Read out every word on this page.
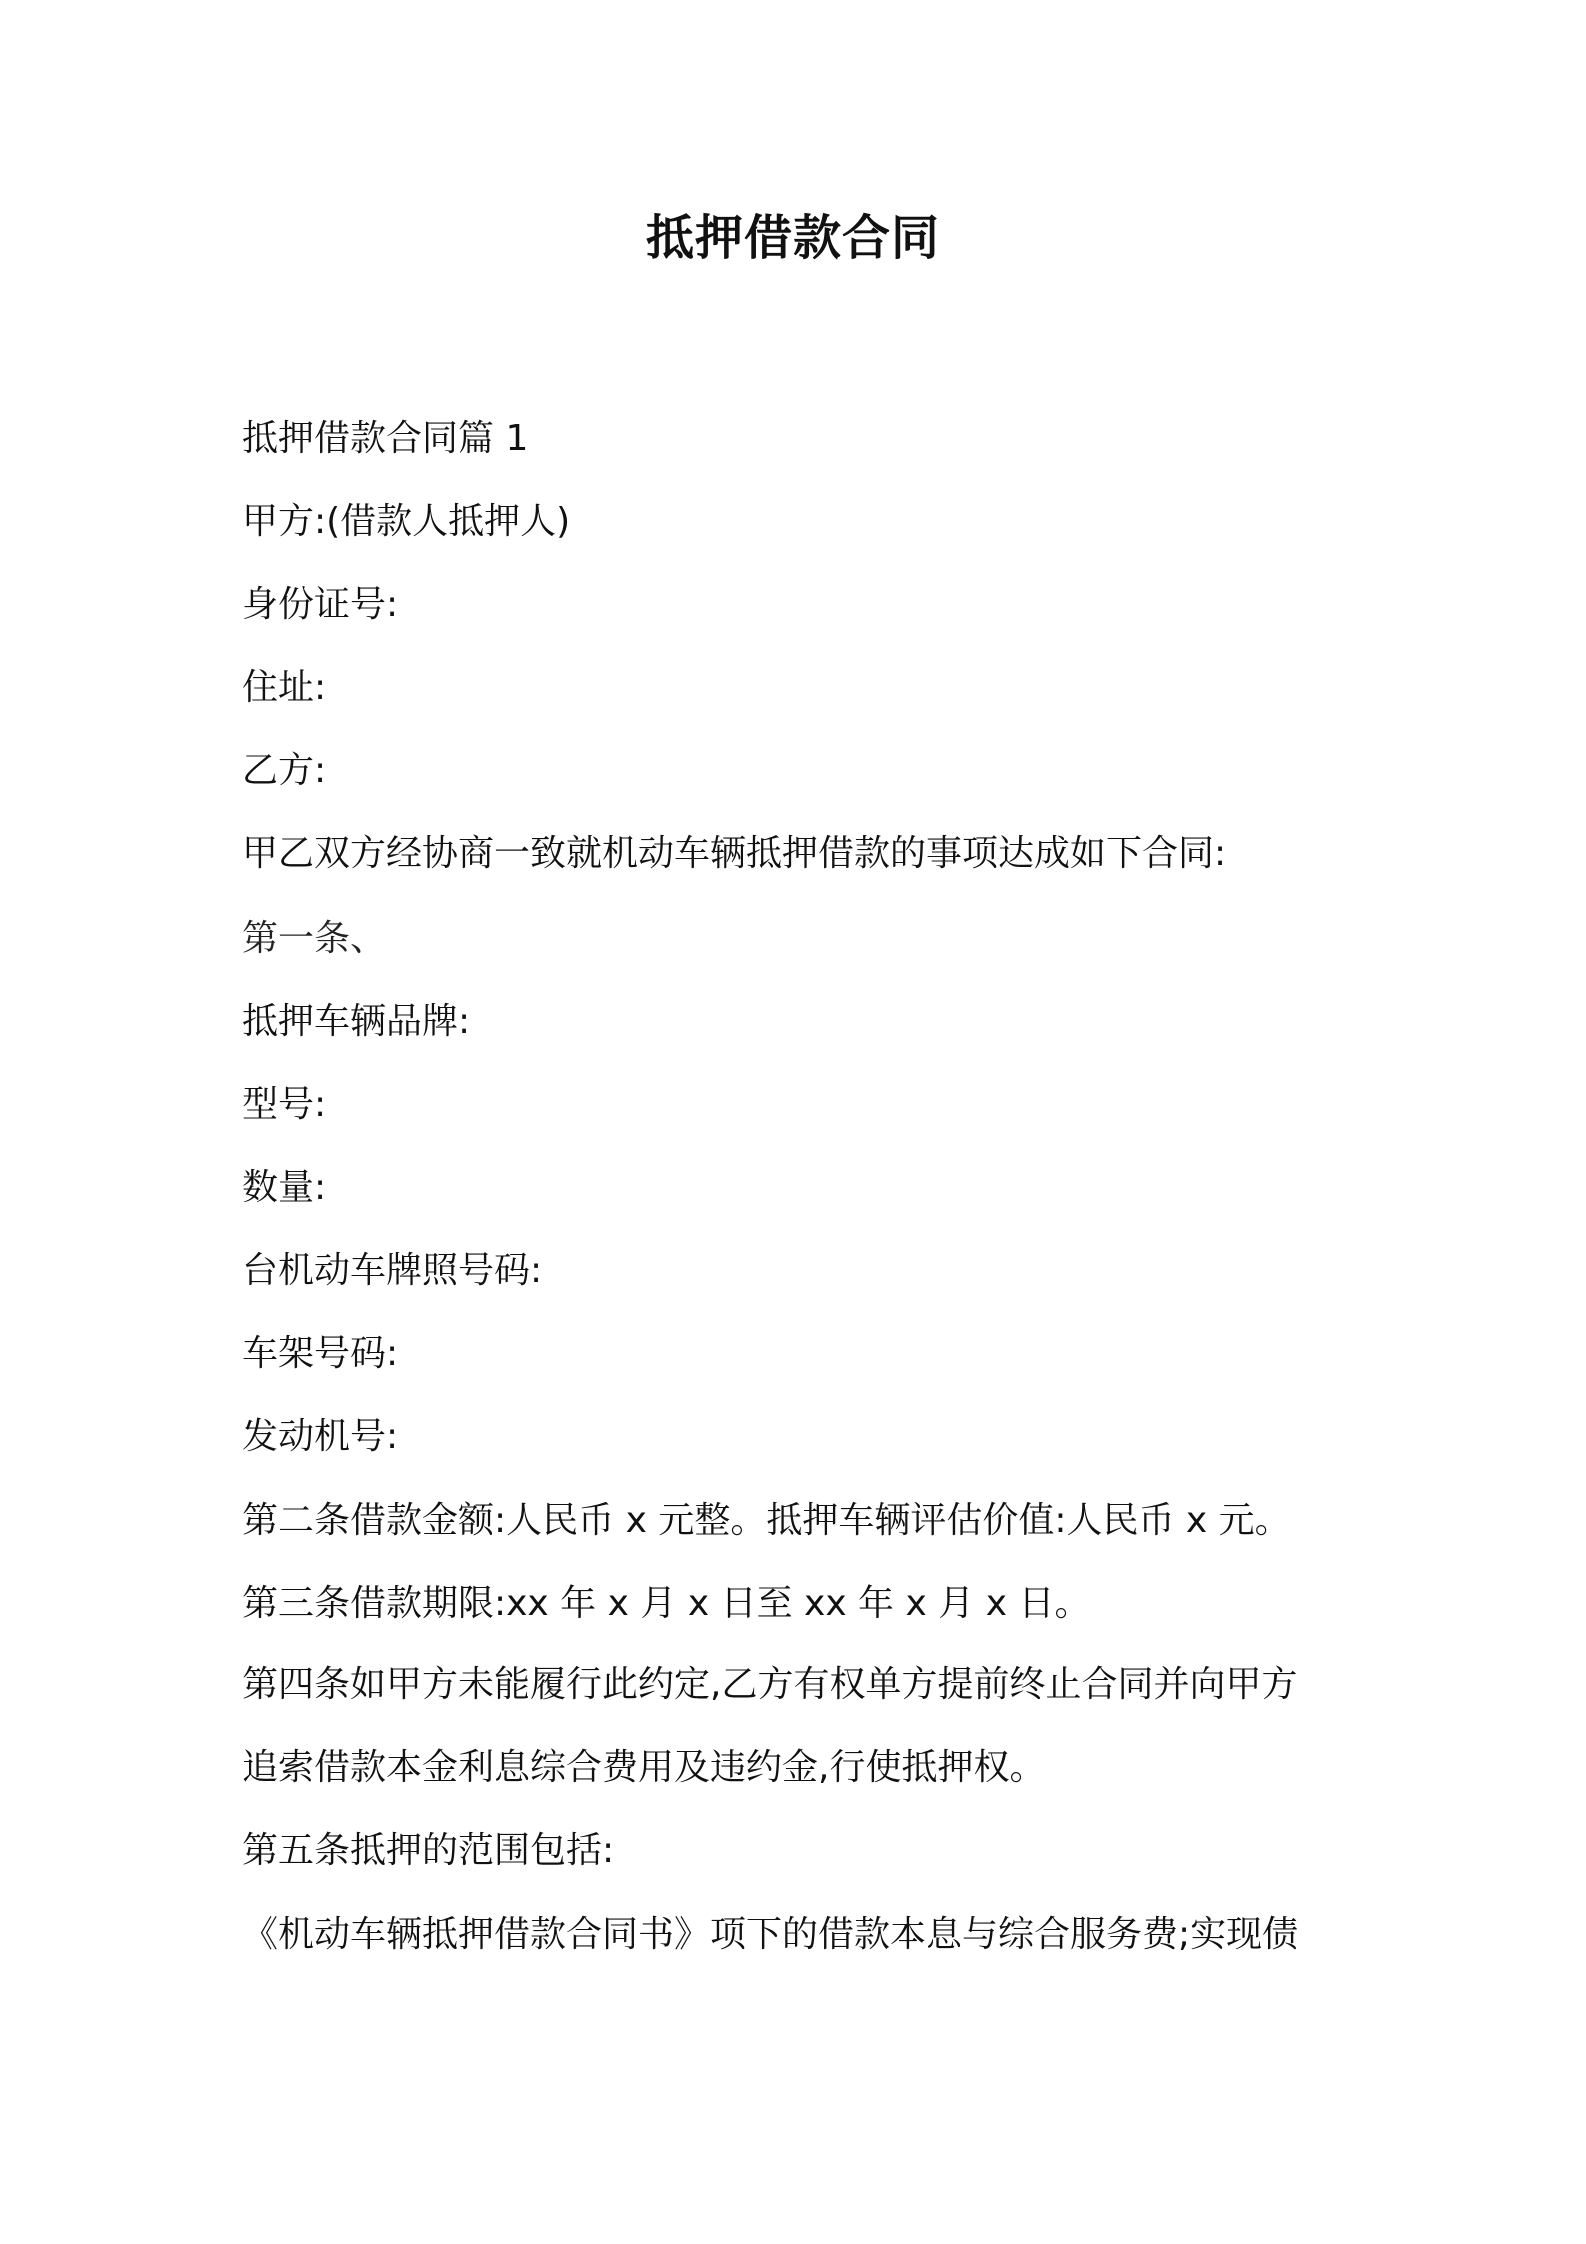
抵押借款合同
抵押借款合同篇 1
甲方:(借款人抵押人)
身份证号:
住址:
乙方:
甲乙双方经协商一致就机动车辆抵押借款的事项达成如下合同:
第一条、
抵押车辆品牌:
型号:
数量:
台机动车牌照号码:
车架号码:
发动机号:
第二条借款金额:人民币 x 元整。抵押车辆评估价值:人民币 x 元。
第三条借款期限:xx 年 x 月 x 日至 xx 年 x 月 x 日。
第四条如甲方未能履行此约定,乙方有权单方提前终止合同并向甲方
追索借款本金利息综合费用及违约金,行使抵押权。
第五条抵押的范围包括:
《机动车辆抵押借款合同书》项下的借款本息与综合服务费;实现债
